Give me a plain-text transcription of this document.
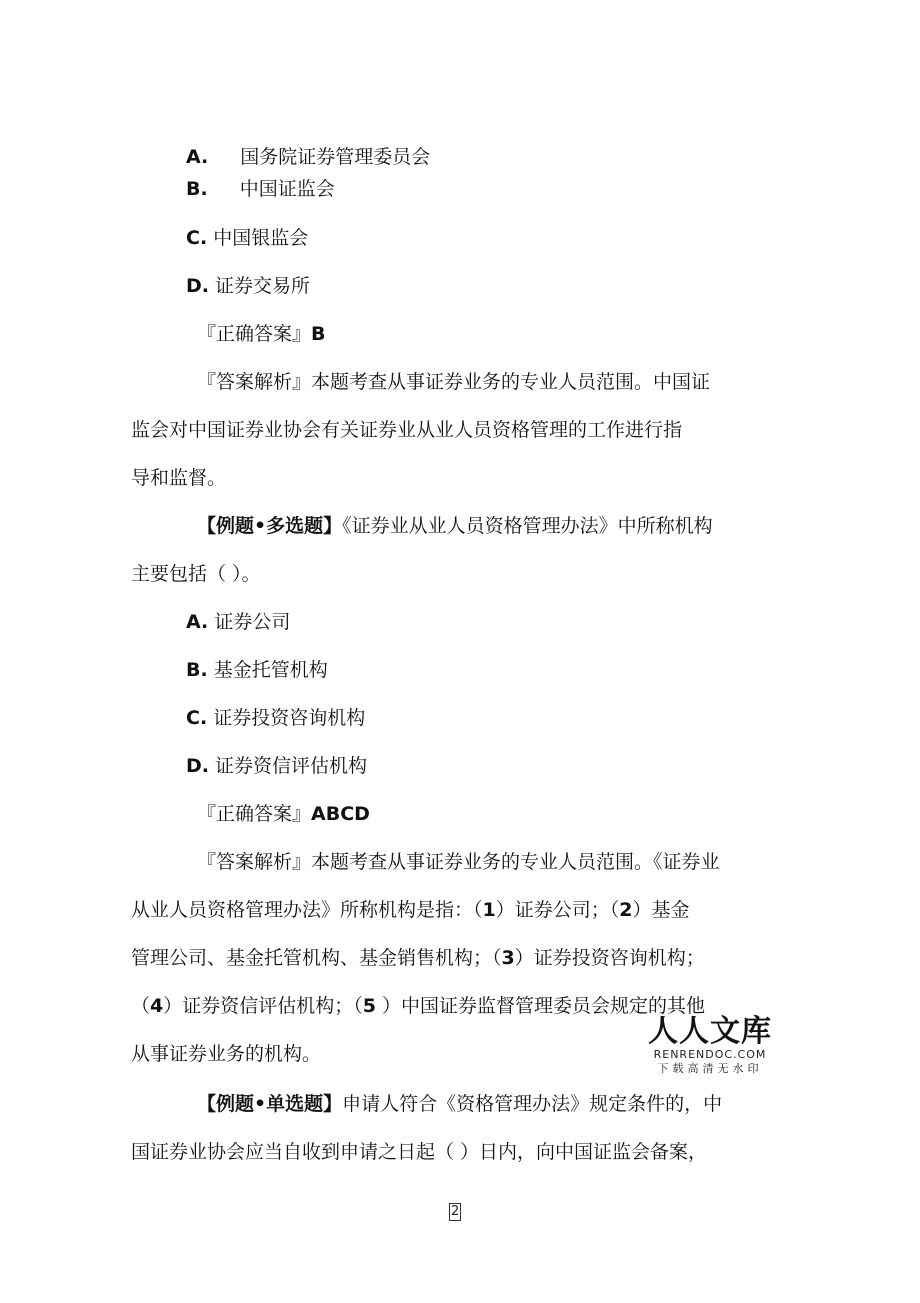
A. 国务院证券管理委员会
B. 中国证监会
C. 中国银监会
D. 证券交易所
『正确答案』B
『答案解析』本题考查从事证券业务的专业人员范围。中国证
监会对中国证券业协会有关证券业从业人员资格管理的工作进行指
导和监督。
【例题•多选题】《证券业从业人员资格管理办法》中所称机构
主要包括（ ）。
A. 证券公司
B. 基金托管机构
C. 证券投资咨询机构
D. 证券资信评估机构
『正确答案』ABCD
『答案解析』本题考查从事证券业务的专业人员范围。《证券业
从业人员资格管理办法》所称机构是指：（1）证券公司；（2）基金
管理公司、基金托管机构、基金销售机构；（3）证券投资咨询机构；
（4）证券资信评估机构；（5 ）中国证券监督管理委员会规定的其他
从事证券业务的机构。
人人文库
RENRENDOC.COM
下载高清无水印
【例题•单选题】申请人符合《资格管理办法》规定条件的，中
国证券业协会应当自收到申请之日起（ ）日内，向中国证监会备案，
2
